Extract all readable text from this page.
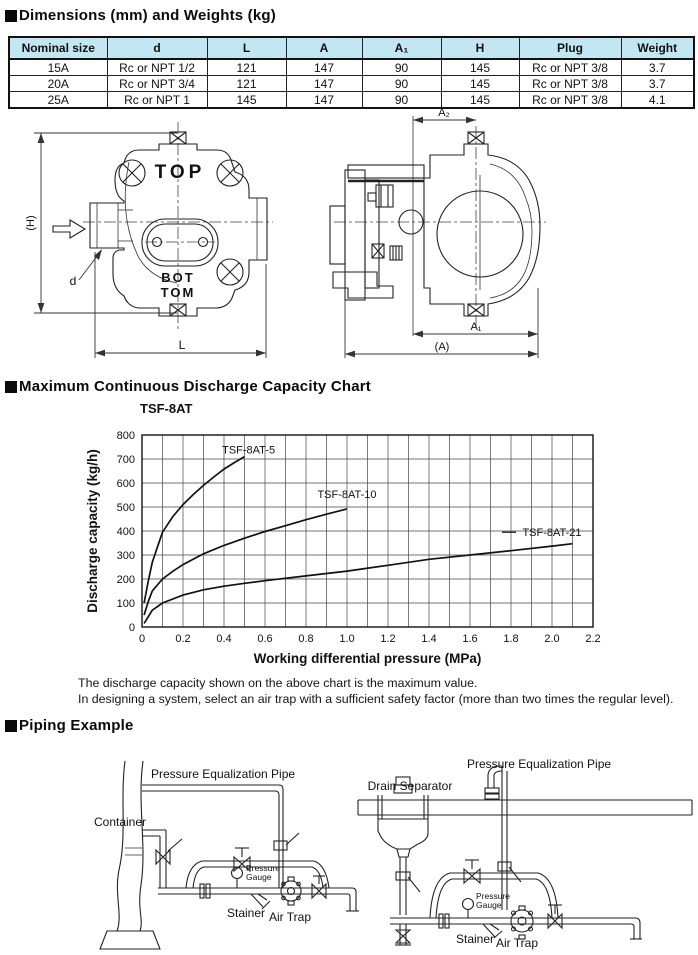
Dimensions (mm) and Weights (kg)
Nominal size	d	L	A	A₁	H	Plug	Weight
15A	Rc or NPT 1/2	121	147	90	145	Rc or NPT 3/8	3.7
20A	Rc or NPT 3/4	121	147	90	145	Rc or NPT 3/8	3.7
25A	Rc or NPT 1	145	147	90	145	Rc or NPT 3/8	4.1
(H)
d
TOP
BOT
TOM
L
A₂
A₁
(A)
Maximum Continuous Discharge Capacity Chart
TSF-8AT
0
100
200
300
400
500
600
700
800
0	0.2 0.4 0.6 0.8 1.0 1.2 1.4 1.6 1.8 2.0 2.2
TSF-8AT-5
TSF-8AT-10
TSF-8AT-21
Working differential pressure (MPa)
Discharge capacity (kg/h)
The discharge capacity shown on the above chart is the maximum value.
In designing a system, select an air trap with a sufficient safety factor (more than two times the regular level).
Piping Example
Pressure Equalization Pipe
Container
Pressure
Gauge
Stainer Air Trap
Pressure Equalization Pipe
Drain Separator
Pressure
Gauge
Stainer Air Trap
